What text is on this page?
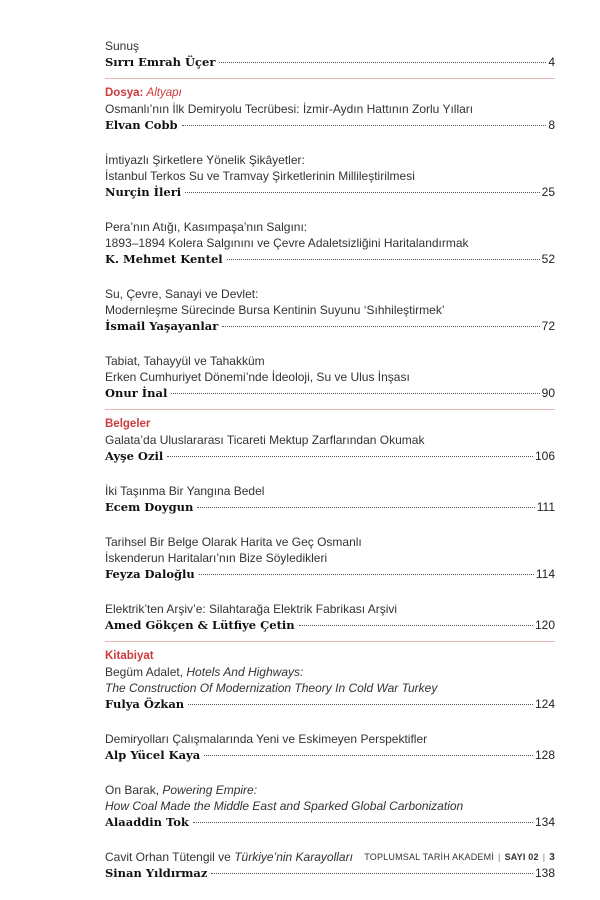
Sunuş
Sırrı Emrah Üçer	4
Dosya: Altyapı
Osmanlı’nın İlk Demiryolu Tecrübesi: İzmir-Aydın Hattının Zorlu Yılları
Elvan Cobb	8
İmtiyazlı Şirketlere Yönelik Şikâyetler:
İstanbul Terkos Su ve Tramvay Şirketlerinin Millileştirilmesi
Nurçin İleri	25
Pera’nın Atığı, Kasımpaşa’nın Salgını:
1893–1894 Kolera Salgınını ve Çevre Adaletsizliğini Haritalandırmak
K. Mehmet Kentel	52
Su, Çevre, Sanayi ve Devlet:
Modernleşme Sürecinde Bursa Kentinin Suyunu ‘Sıhhileştirmek’
İsmail Yaşayanlar	72
Tabiat, Tahayyül ve Tahakküm
Erken Cumhuriyet Dönemi’nde İdeoloji, Su ve Ulus İnşası
Onur İnal	90
Belgeler
Galata’da Uluslararası Ticareti Mektup Zarflarından Okumak
Ayşe Ozil	106
İki Taşınma Bir Yangına Bedel
Ecem Doygun	111
Tarihsel Bir Belge Olarak Harita ve Geç Osmanlı
İskenderun Haritaları’nın Bize Söyledikleri
Feyza Daloğlu	114
Elektrik’ten Arşiv’e: Silahtarağa Elektrik Fabrikası Arşivi
Amed Gökçen & Lütfiye Çetin	120
Kitabiyat
Begüm Adalet, Hotels And Highways:
The Construction Of Modernization Theory In Cold War Turkey
Fulya Özkan	124
Demiryolları Çalışmalarında Yeni ve Eskimeyen Perspektifler
Alp Yücel Kaya	128
On Barak, Powering Empire:
How Coal Made the Middle East and Sparked Global Carbonization
Alaaddin Tok	134
Cavit Orhan Tütengil ve Türkiye’nin Karayolları
Sinan Yıldırmaz	138
TOPLUMSAL TARİH AKADEMİ | SAYI 02 | 3
